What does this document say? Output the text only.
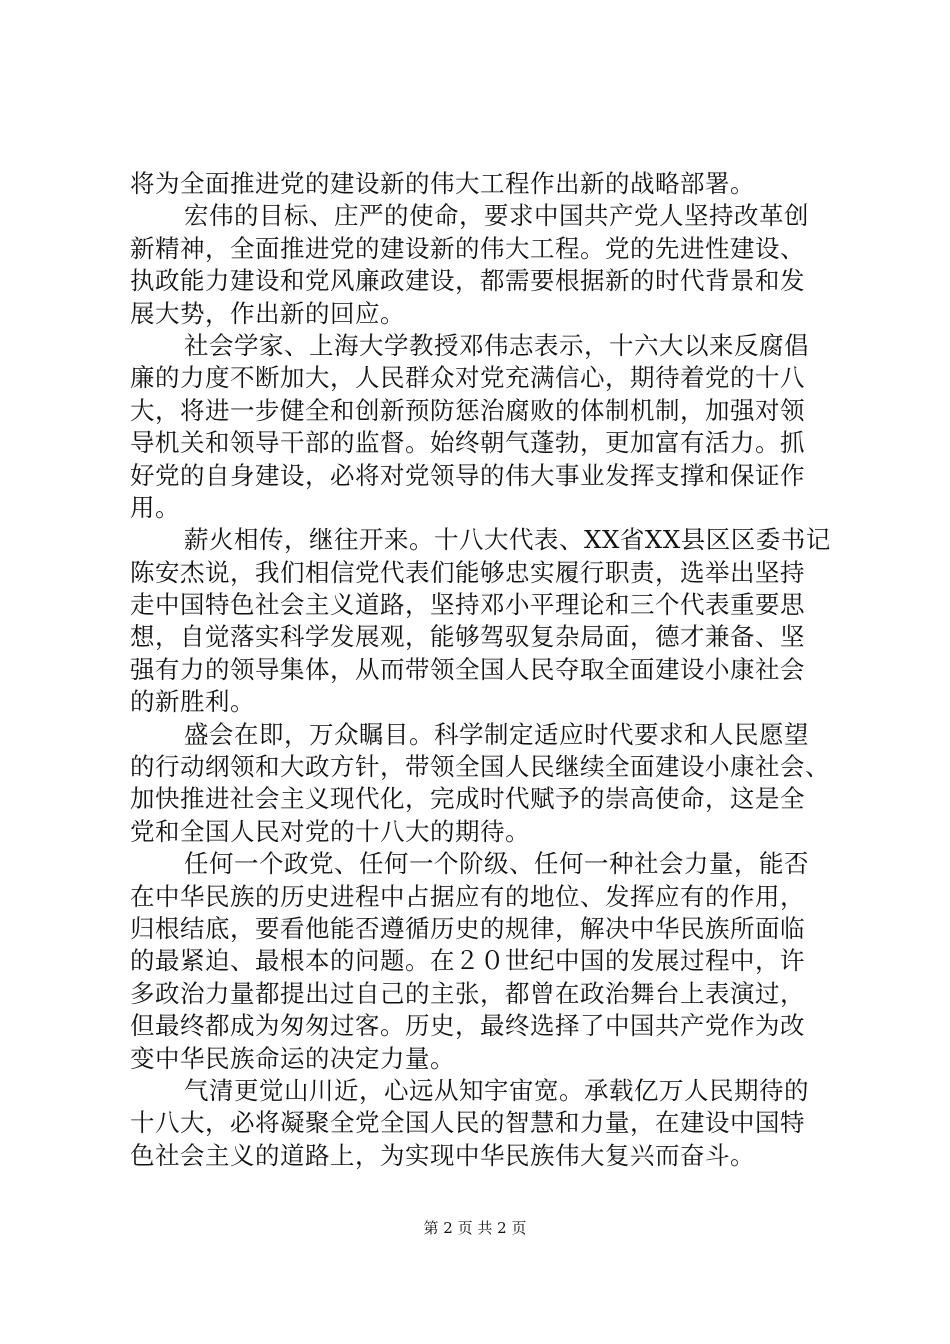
将为全面推进党的建设新的伟大工程作出新的战略部署。
宏伟的目标、庄严的使命，要求中国共产党人坚持改革创
新精神，全面推进党的建设新的伟大工程。党的先进性建设、
执政能力建设和党风廉政建设，都需要根据新的时代背景和发
展大势，作出新的回应。
社会学家、上海大学教授邓伟志表示，十六大以来反腐倡
廉的力度不断加大，人民群众对党充满信心，期待着党的十八
大，将进一步健全和创新预防惩治腐败的体制机制，加强对领
导机关和领导干部的监督。始终朝气蓬勃，更加富有活力。抓
好党的自身建设，必将对党领导的伟大事业发挥支撑和保证作
用。
薪火相传，继往开来。十八大代表、XX省XX县区区委书记
陈安杰说，我们相信党代表们能够忠实履行职责，选举出坚持
走中国特色社会主义道路，坚持邓小平理论和三个代表重要思
想，自觉落实科学发展观，能够驾驭复杂局面，德才兼备、坚
强有力的领导集体，从而带领全国人民夺取全面建设小康社会
的新胜利。
盛会在即，万众瞩目。科学制定适应时代要求和人民愿望
的行动纲领和大政方针，带领全国人民继续全面建设小康社会、
加快推进社会主义现代化，完成时代赋予的崇高使命，这是全
党和全国人民对党的十八大的期待。
任何一个政党、任何一个阶级、任何一种社会力量，能否
在中华民族的历史进程中占据应有的地位、发挥应有的作用，
归根结底，要看他能否遵循历史的规律，解决中华民族所面临
的最紧迫、最根本的问题。在２０世纪中国的发展过程中，许
多政治力量都提出过自己的主张，都曾在政治舞台上表演过，
但最终都成为匆匆过客。历史，最终选择了中国共产党作为改
变中华民族命运的决定力量。
气清更觉山川近，心远从知宇宙宽。承载亿万人民期待的
十八大，必将凝聚全党全国人民的智慧和力量，在建设中国特
色社会主义的道路上，为实现中华民族伟大复兴而奋斗。
第 2 页 共 2 页
